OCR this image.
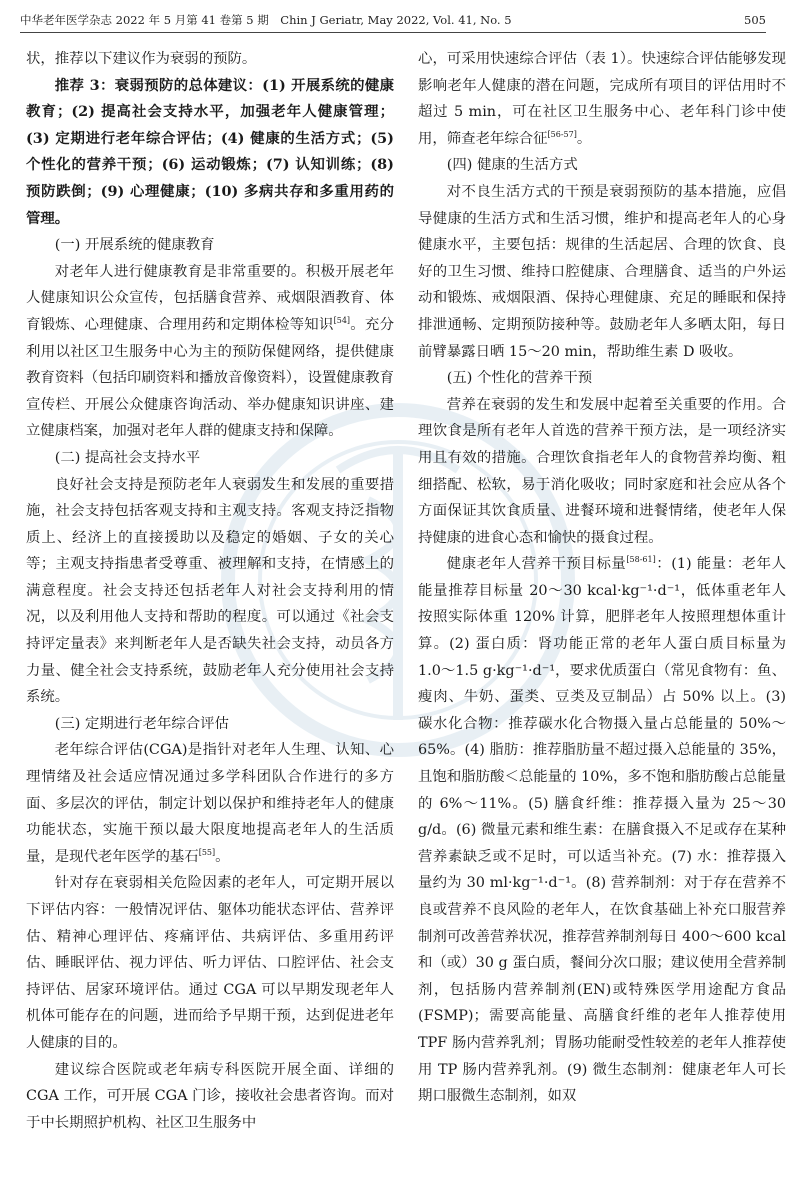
中华老年医学杂志 2022 年 5 月第 41 卷第 5 期　Chin J Geriatr, May 2022, Vol. 41, No. 5	505

状，推荐以下建议作为衰弱的预防。

推荐 3：衰弱预防的总体建议：(1) 开展系统的健康教育；(2) 提高社会支持水平，加强老年人健康管理；(3) 定期进行老年综合评估；(4) 健康的生活方式；(5) 个性化的营养干预；(6) 运动锻炼；(7) 认知训练；(8) 预防跌倒；(9) 心理健康；(10) 多病共存和多重用药的管理。

(一) 开展系统的健康教育

对老年人进行健康教育是非常重要的。积极开展老年人健康知识公众宣传，包括膳食营养、戒烟限酒教育、体育锻炼、心理健康、合理用药和定期体检等知识[54]。充分利用以社区卫生服务中心为主的预防保健网络，提供健康教育资料（包括印刷资料和播放音像资料），设置健康教育宣传栏、开展公众健康咨询活动、举办健康知识讲座、建立健康档案，加强对老年人群的健康支持和保障。

(二) 提高社会支持水平

良好社会支持是预防老年人衰弱发生和发展的重要措施，社会支持包括客观支持和主观支持。客观支持泛指物质上、经济上的直接援助以及稳定的婚姻、子女的关心等；主观支持指患者受尊重、被理解和支持，在情感上的满意程度。社会支持还包括老年人对社会支持利用的情况，以及利用他人支持和帮助的程度。可以通过《社会支持评定量表》来判断老年人是否缺失社会支持，动员各方力量、健全社会支持系统，鼓励老年人充分使用社会支持系统。

(三) 定期进行老年综合评估

老年综合评估(CGA)是指针对老年人生理、认知、心理情绪及社会适应情况通过多学科团队合作进行的多方面、多层次的评估，制定计划以保护和维持老年人的健康功能状态，实施干预以最大限度地提高老年人的生活质量，是现代老年医学的基石[55]。

针对存在衰弱相关危险因素的老年人，可定期开展以下评估内容：一般情况评估、躯体功能状态评估、营养评估、精神心理评估、疼痛评估、共病评估、多重用药评估、睡眠评估、视力评估、听力评估、口腔评估、社会支持评估、居家环境评估。通过 CGA 可以早期发现老年人机体可能存在的问题，进而给予早期干预，达到促进老年人健康的目的。

建议综合医院或老年病专科医院开展全面、详细的 CGA 工作，可开展 CGA 门诊，接收社会患者咨询。而对于中长期照护机构、社区卫生服务中

心，可采用快速综合评估（表 1）。快速综合评估能够发现影响老年人健康的潜在问题，完成所有项目的评估用时不超过 5 min，可在社区卫生服务中心、老年科门诊中使用，筛查老年综合征[56-57]。

(四) 健康的生活方式

对不良生活方式的干预是衰弱预防的基本措施，应倡导健康的生活方式和生活习惯，维护和提高老年人的心身健康水平，主要包括：规律的生活起居、合理的饮食、良好的卫生习惯、维持口腔健康、合理膳食、适当的户外运动和锻炼、戒烟限酒、保持心理健康、充足的睡眠和保持排泄通畅、定期预防接种等。鼓励老年人多晒太阳，每日前臂暴露日晒 15～20 min，帮助维生素 D 吸收。

(五) 个性化的营养干预

营养在衰弱的发生和发展中起着至关重要的作用。合理饮食是所有老年人首选的营养干预方法，是一项经济实用且有效的措施。合理饮食指老年人的食物营养均衡、粗细搭配、松软，易于消化吸收；同时家庭和社会应从各个方面保证其饮食质量、进餐环境和进餐情绪，使老年人保持健康的进食心态和愉快的摄食过程。

健康老年人营养干预目标量[58-61]：(1) 能量：老年人能量推荐目标量 20～30 kcal·kg⁻¹·d⁻¹，低体重老年人按照实际体重 120% 计算，肥胖老年人按照理想体重计算。(2) 蛋白质：肾功能正常的老年人蛋白质目标量为 1.0～1.5 g·kg⁻¹·d⁻¹，要求优质蛋白（常见食物有：鱼、瘦肉、牛奶、蛋类、豆类及豆制品）占 50% 以上。(3) 碳水化合物：推荐碳水化合物摄入量占总能量的 50%～65%。(4) 脂肪：推荐脂肪量不超过摄入总能量的 35%，且饱和脂肪酸＜总能量的 10%，多不饱和脂肪酸占总能量的 6%～11%。(5) 膳食纤维：推荐摄入量为 25～30 g/d。(6) 微量元素和维生素：在膳食摄入不足或存在某种营养素缺乏或不足时，可以适当补充。(7) 水：推荐摄入量约为 30 ml·kg⁻¹·d⁻¹。(8) 营养制剂：对于存在营养不良或营养不良风险的老年人，在饮食基础上补充口服营养制剂可改善营养状况，推荐营养制剂每日 400～600 kcal 和（或）30 g 蛋白质，餐间分次口服；建议使用全营养制剂，包括肠内营养制剂(EN)或特殊医学用途配方食品(FSMP)；需要高能量、高膳食纤维的老年人推荐使用 TPF 肠内营养乳剂；胃肠功能耐受性较差的老年人推荐使用 TP 肠内营养乳剂。(9) 微生态制剂：健康老年人可长期口服微生态制剂，如双
